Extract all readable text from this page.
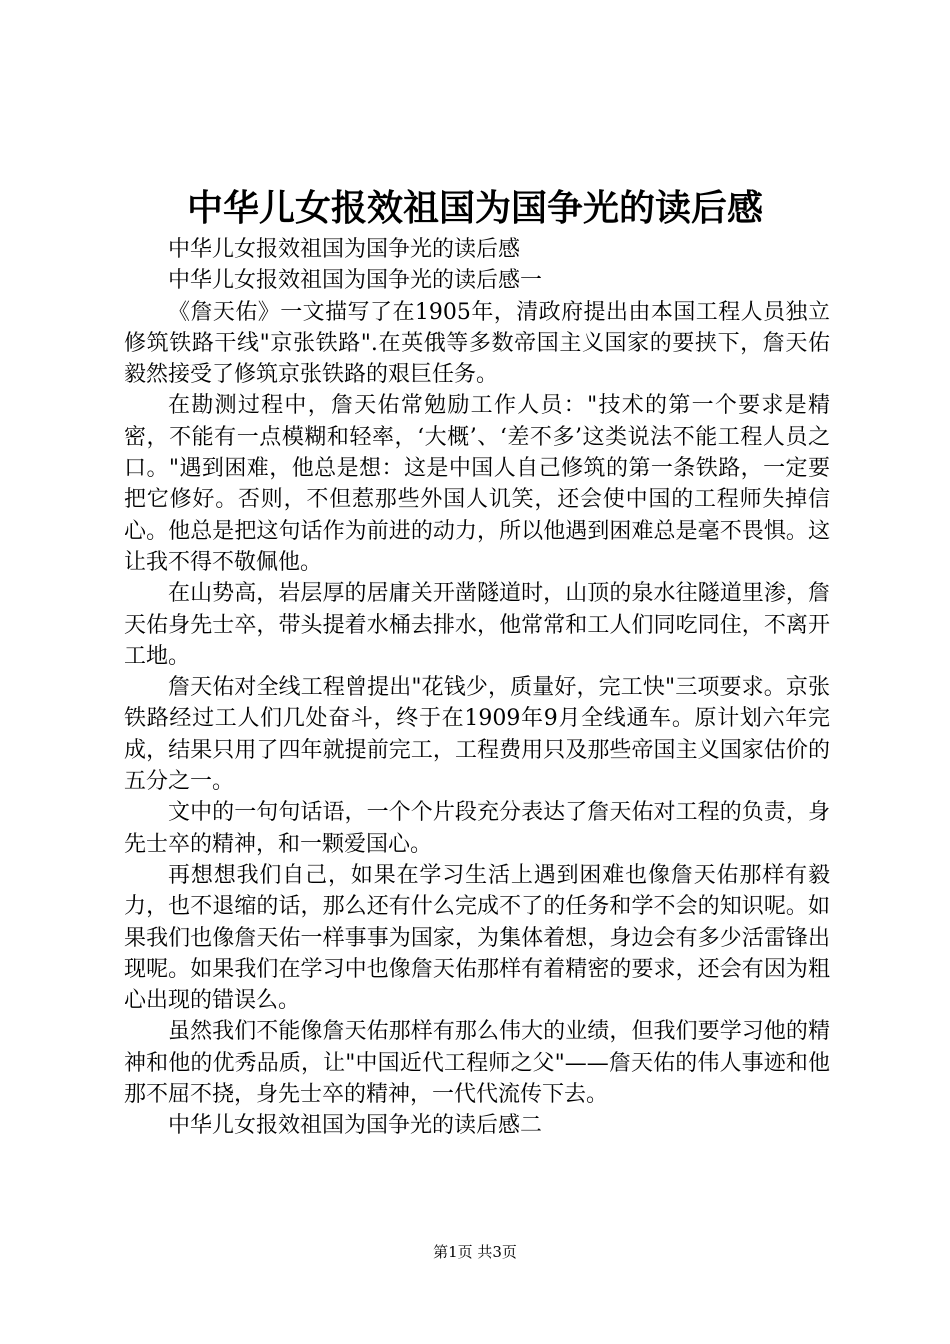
中华儿女报效祖国为国争光的读后感

中华儿女报效祖国为国争光的读后感

中华儿女报效祖国为国争光的读后感一

《詹天佑》一文描写了在1905年，清政府提出由本国工程人员独立修筑铁路干线"京张铁路".在英俄等多数帝国主义国家的要挟下，詹天佑毅然接受了修筑京张铁路的艰巨任务。

在勘测过程中，詹天佑常勉励工作人员："技术的第一个要求是精密，不能有一点模糊和轻率，‘大概’、‘差不多’这类说法不能工程人员之口。"遇到困难，他总是想：这是中国人自己修筑的第一条铁路，一定要把它修好。否则，不但惹那些外国人讥笑，还会使中国的工程师失掉信心。他总是把这句话作为前进的动力，所以他遇到困难总是毫不畏惧。这让我不得不敬佩他。

在山势高，岩层厚的居庸关开凿隧道时，山顶的泉水往隧道里渗，詹天佑身先士卒，带头提着水桶去排水，他常常和工人们同吃同住，不离开工地。

詹天佑对全线工程曾提出"花钱少，质量好，完工快"三项要求。京张铁路经过工人们几处奋斗，终于在1909年9月全线通车。原计划六年完成，结果只用了四年就提前完工，工程费用只及那些帝国主义国家估价的五分之一。

文中的一句句话语，一个个片段充分表达了詹天佑对工程的负责，身先士卒的精神，和一颗爱国心。

再想想我们自己，如果在学习生活上遇到困难也像詹天佑那样有毅力，也不退缩的话，那么还有什么完成不了的任务和学不会的知识呢。如果我们也像詹天佑一样事事为国家，为集体着想，身边会有多少活雷锋出现呢。如果我们在学习中也像詹天佑那样有着精密的要求，还会有因为粗心出现的错误么。

虽然我们不能像詹天佑那样有那么伟大的业绩，但我们要学习他的精神和他的优秀品质，让"中国近代工程师之父"——詹天佑的伟人事迹和他那不屈不挠，身先士卒的精神，一代代流传下去。

中华儿女报效祖国为国争光的读后感二

第1页 共3页
